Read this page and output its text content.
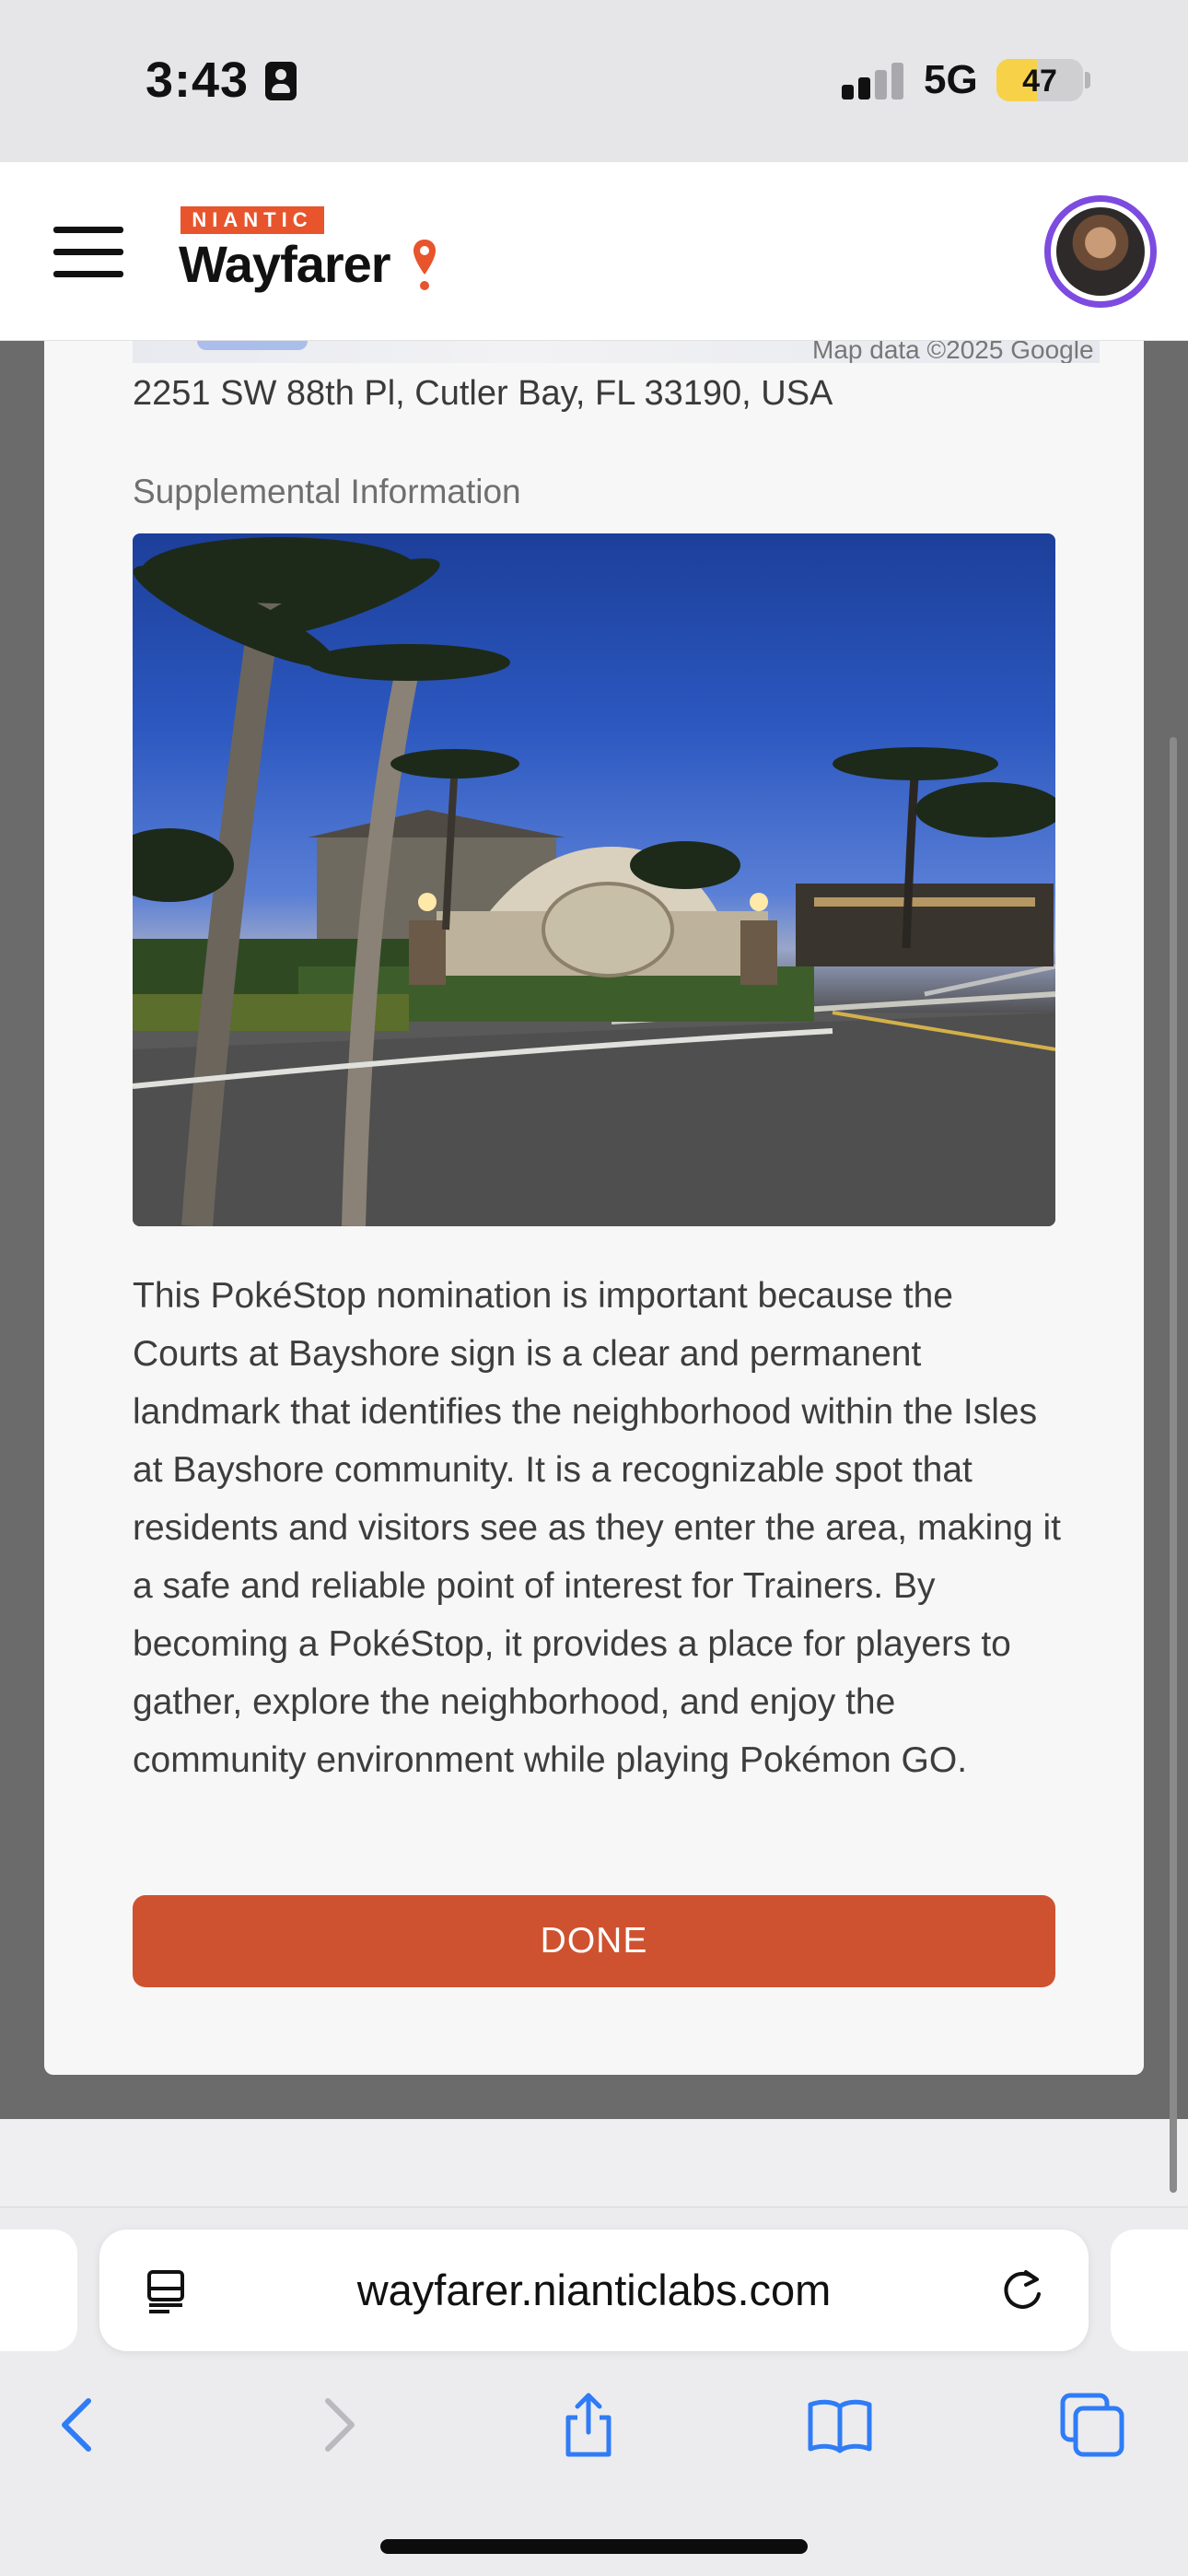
3:43	5G	47
NIANTIC
Wayfarer
Map data ©2025 Google
2251 SW 88th Pl, Cutler Bay, FL 33190, USA
Supplemental Information
This PokéStop nomination is important because the Courts at Bayshore sign is a clear and permanent landmark that identifies the neighborhood within the Isles at Bayshore community. It is a recognizable spot that residents and visitors see as they enter the area, making it a safe and reliable point of interest for Trainers. By becoming a PokéStop, it provides a place for players to gather, explore the neighborhood, and enjoy the community environment while playing Pokémon GO.
DONE
wayfarer.nianticlabs.com
